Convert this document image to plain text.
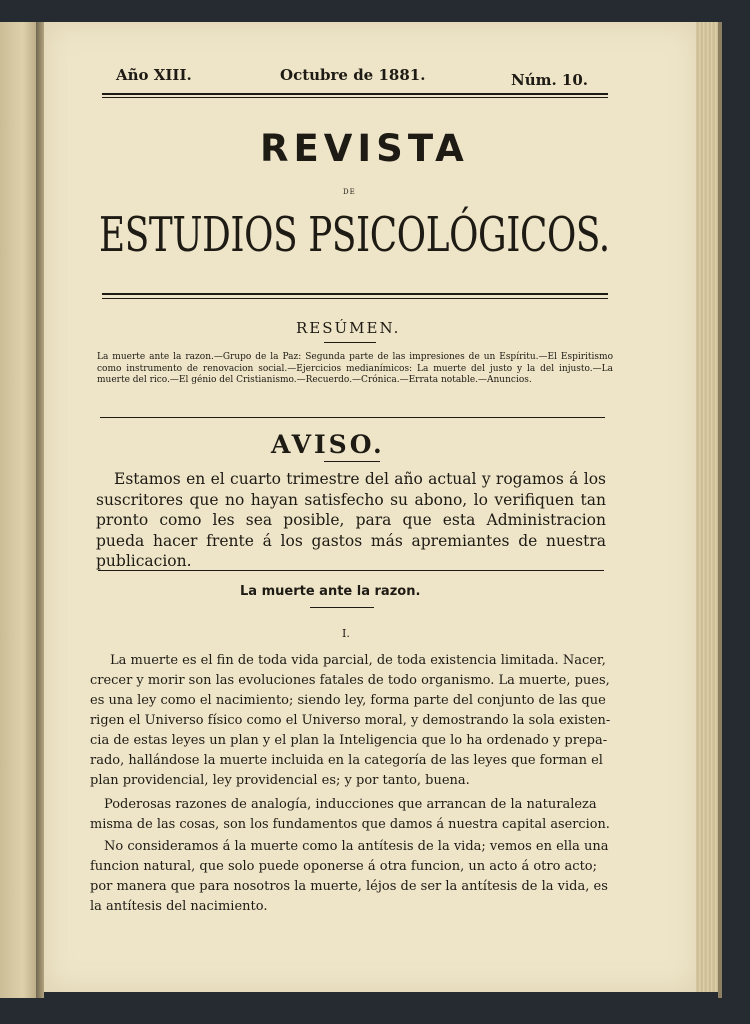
Año XIII.	Octubre de 1881.	Núm. 10.
REVISTA
DE
ESTUDIOS PSICOLÓGICOS.
RESÚMEN.
La muerte ante la razon.—Grupo de la Paz: Segunda parte de las impresiones de un Espíritu.—El Espiritismo como instrumento de renovacion social.—Ejercicios medianímicos: La muerte del justo y la del injusto.—La muerte del rico.—El génio del Cristianismo.—Recuerdo.—Crónica.—Errata notable.—Anuncios.
AVISO.
Estamos en el cuarto trimestre del año actual y rogamos á los suscritores que no hayan satisfecho su abono, lo verifiquen tan pronto como les sea posible, para que esta Administracion pueda hacer frente á los gastos más apremiantes de nuestra publicacion.
La muerte ante la razon.
I.
La muerte es el fin de toda vida parcial, de toda existencia limitada. Nacer,
crecer y morir son las evoluciones fatales de todo organismo. La muerte, pues,
es una ley como el nacimiento; siendo ley, forma parte del conjunto de las que
rigen el Universo físico como el Universo moral, y demostrando la sola existen-
cia de estas leyes un plan y el plan la Inteligencia que lo ha ordenado y prepa-
rado, hallándose la muerte incluida en la categoría de las leyes que forman el
plan providencial, ley providencial es; y por tanto, buena.
Poderosas razones de analogía, inducciones que arrancan de la naturaleza
misma de las cosas, son los fundamentos que damos á nuestra capital asercion.
No consideramos á la muerte como la antítesis de la vida; vemos en ella una
funcion natural, que solo puede oponerse á otra funcion, un acto á otro acto;
por manera que para nosotros la muerte, léjos de ser la antítesis de la vida, es
la antítesis del nacimiento.
